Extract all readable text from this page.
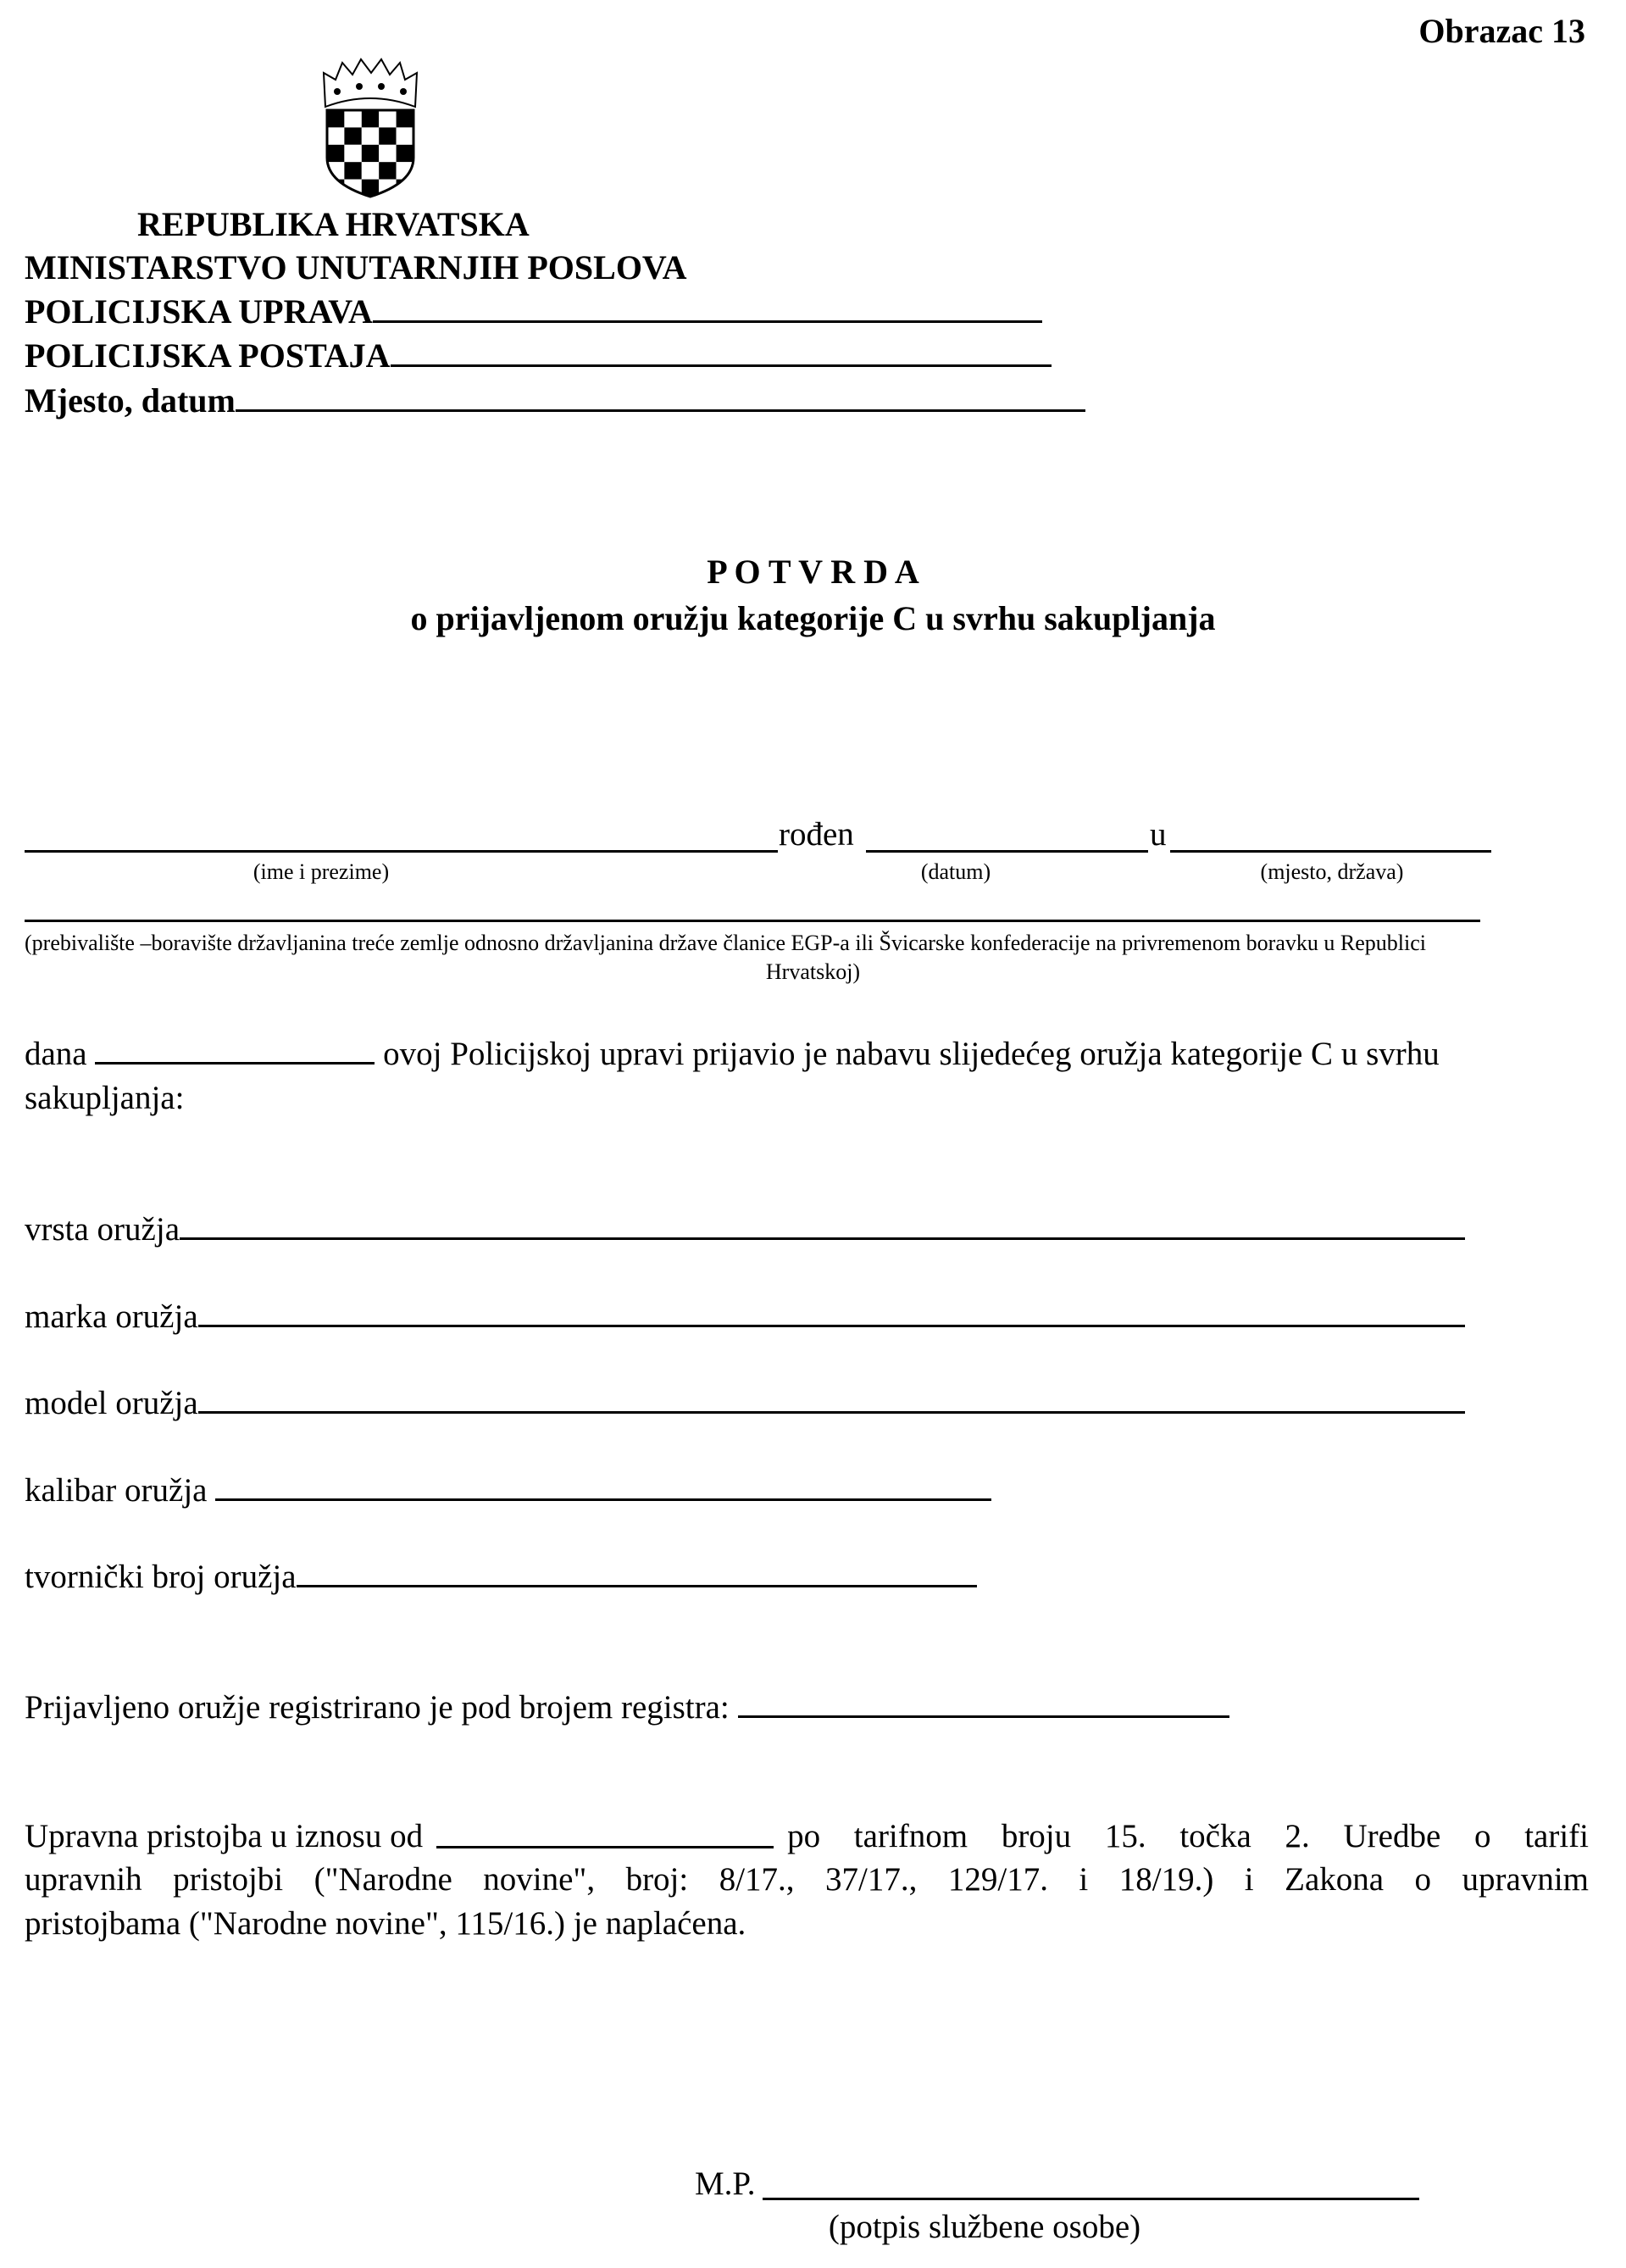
Obrazac 13
REPUBLIKA HRVATSKA
MINISTARSTVO UNUTARNJIH POSLOVA
POLICIJSKA UPRAVA
POLICIJSKA POSTAJA
Mjesto, datum
P O T V R D A
o prijavljenom oružju kategorije C u svrhu sakupljanja
rođen	u
(ime i prezime)	(datum)	(mjesto, država)
(prebivalište –boravište državljanina treće zemlje odnosno državljanina države članice EGP-a ili Švicarske konfederacije na privremenom boravku u Republici
Hrvatskoj)
dana	ovoj Policijskoj upravi prijavio je nabavu slijedećeg oružja kategorije C u svrhu
sakupljanja:
vrsta oružja
marka oružja
model oružja
kalibar oružja
tvornički broj oružja
Prijavljeno oružje registrirano je pod brojem registra:
Upravna pristojba u iznosu od	po tarifnom broju 15. točka 2. Uredbe o tarifi
upravnih pristojbi ("Narodne novine", broj: 8/17., 37/17., 129/17. i 18/19.) i Zakona o upravnim
pristojbama ("Narodne novine", 115/16.) je naplaćena.
M.P.
(potpis službene osobe)
